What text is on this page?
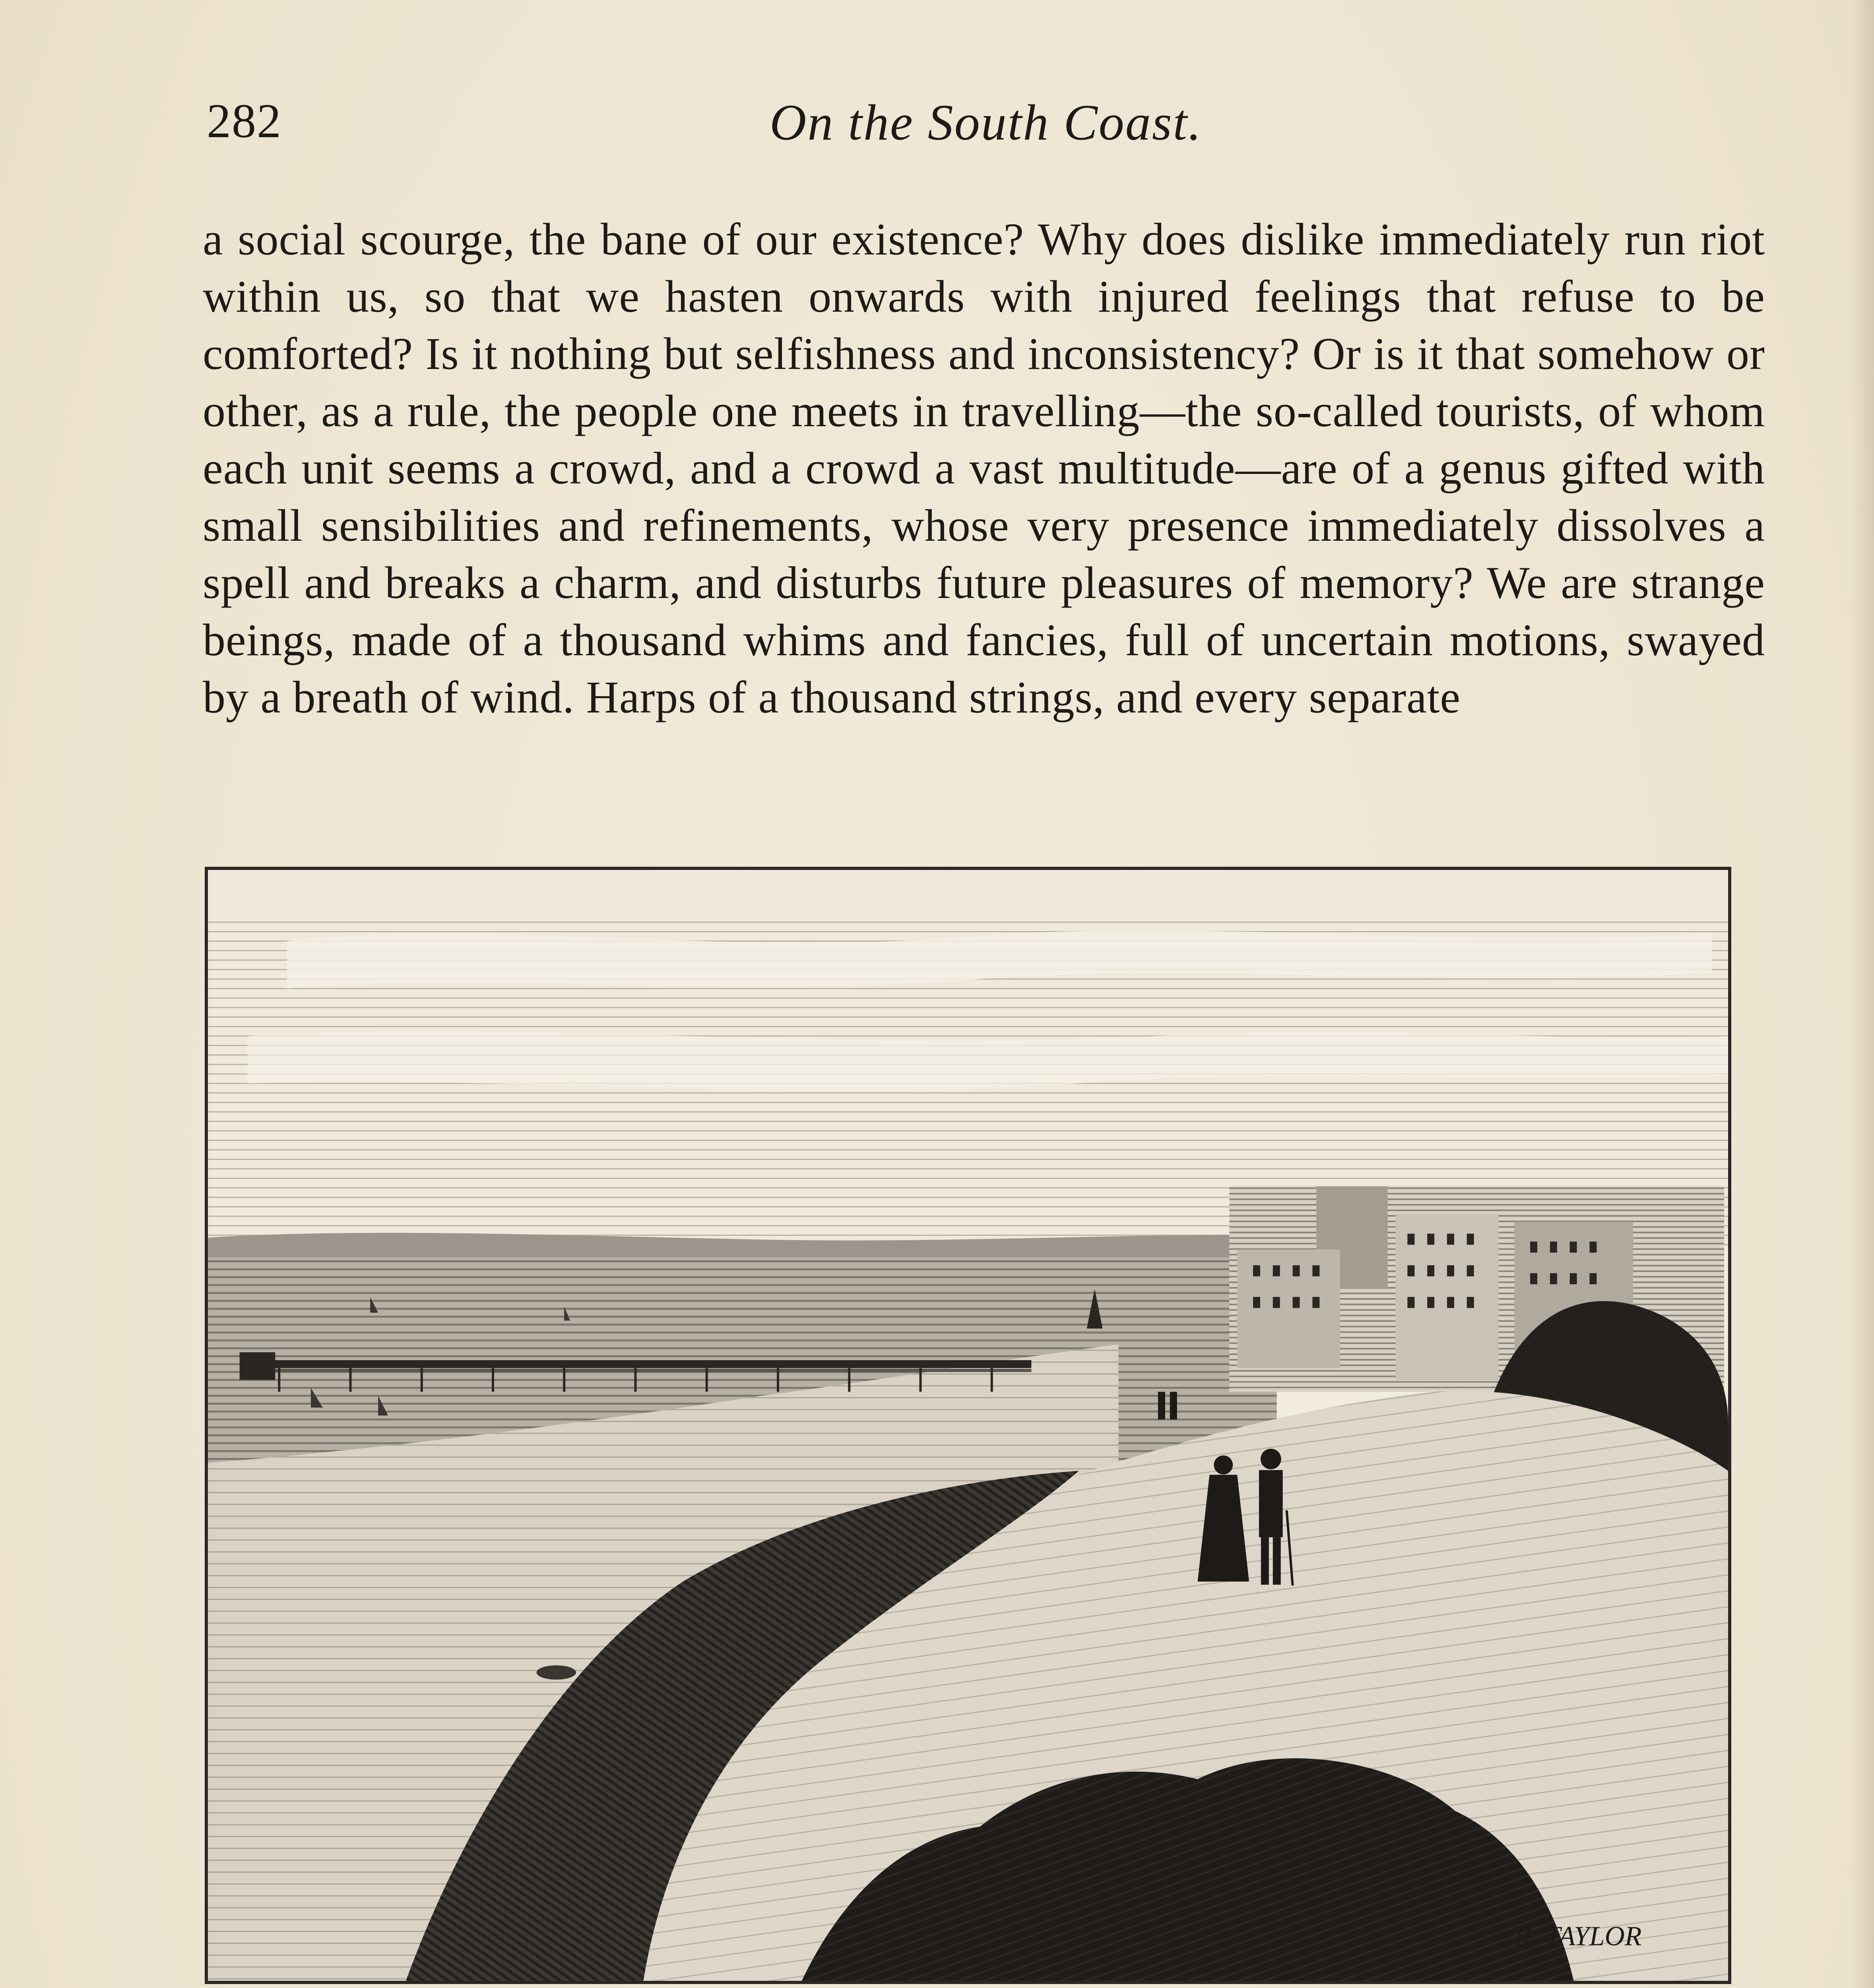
282	On the South Coast.

a social scourge, the bane of our existence? Why does dislike immediately run riot within us, so that we hasten onwards with injured feelings that refuse to be comforted? Is it nothing but selfishness and inconsistency? Or is it that somehow or other, as a rule, the people one meets in travelling—the so-called tourists, of whom each unit seems a crowd, and a crowd a vast multitude—are of a genus gifted with small sensibilities and refinements, whose very presence immediately dissolves a spell and breaks a charm, and disturbs future pleasures of memory? We are strange beings, made of a thousand whims and fancies, full of uncertain motions, swayed by a breath of wind. Harps of a thousand strings, and every separate

R. TAYLOR
